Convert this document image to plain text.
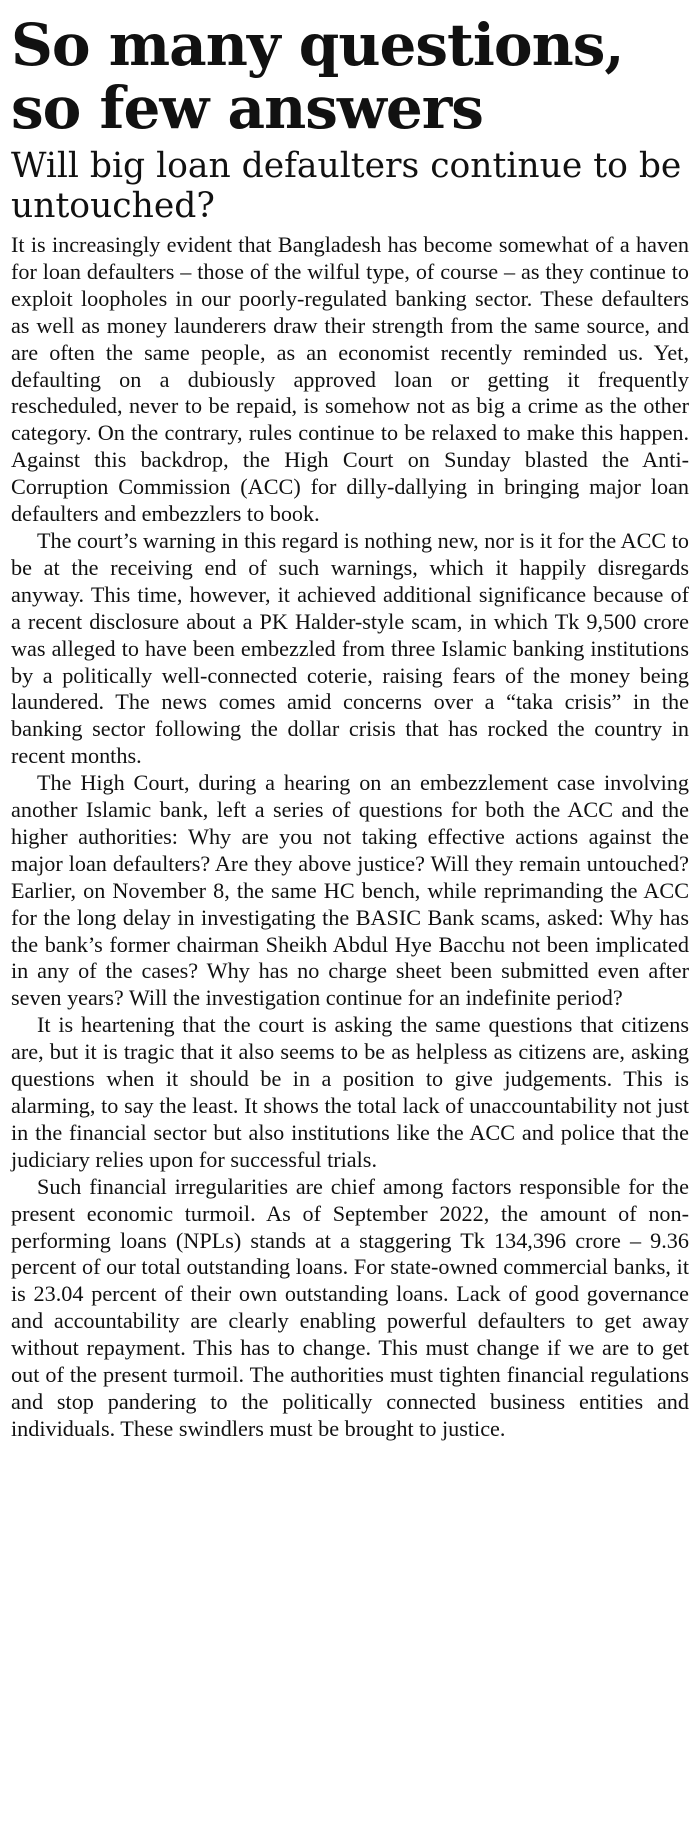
So many questions, so few answers
Will big loan defaulters continue to be untouched?

It is increasingly evident that Bangladesh has become somewhat of a haven for loan defaulters – those of the wilful type, of course – as they continue to exploit loopholes in our poorly-regulated banking sector. These defaulters as well as money launderers draw their strength from the same source, and are often the same people, as an economist recently reminded us. Yet, defaulting on a dubiously approved loan or getting it frequently rescheduled, never to be repaid, is somehow not as big a crime as the other category. On the contrary, rules continue to be relaxed to make this happen. Against this backdrop, the High Court on Sunday blasted the Anti-Corruption Commission (ACC) for dilly-dallying in bringing major loan defaulters and embezzlers to book.

The court’s warning in this regard is nothing new, nor is it for the ACC to be at the receiving end of such warnings, which it happily disregards anyway. This time, however, it achieved additional significance because of a recent disclosure about a PK Halder-style scam, in which Tk 9,500 crore was alleged to have been embezzled from three Islamic banking institutions by a politically well-connected coterie, raising fears of the money being laundered. The news comes amid concerns over a “taka crisis” in the banking sector following the dollar crisis that has rocked the country in recent months.

The High Court, during a hearing on an embezzlement case involving another Islamic bank, left a series of questions for both the ACC and the higher authorities: Why are you not taking effective actions against the major loan defaulters? Are they above justice? Will they remain untouched? Earlier, on November 8, the same HC bench, while reprimanding the ACC for the long delay in investigating the BASIC Bank scams, asked: Why has the bank’s former chairman Sheikh Abdul Hye Bacchu not been implicated in any of the cases? Why has no charge sheet been submitted even after seven years? Will the investigation continue for an indefinite period?

It is heartening that the court is asking the same questions that citizens are, but it is tragic that it also seems to be as helpless as citizens are, asking questions when it should be in a position to give judgements. This is alarming, to say the least. It shows the total lack of unaccountability not just in the financial sector but also institutions like the ACC and police that the judiciary relies upon for successful trials.

Such financial irregularities are chief among factors responsible for the present economic turmoil. As of September 2022, the amount of non-performing loans (NPLs) stands at a staggering Tk 134,396 crore – 9.36 percent of our total outstanding loans. For state-owned commercial banks, it is 23.04 percent of their own outstanding loans. Lack of good governance and accountability are clearly enabling powerful defaulters to get away without repayment. This has to change. This must change if we are to get out of the present turmoil. The authorities must tighten financial regulations and stop pandering to the politically connected business entities and individuals. These swindlers must be brought to justice.
